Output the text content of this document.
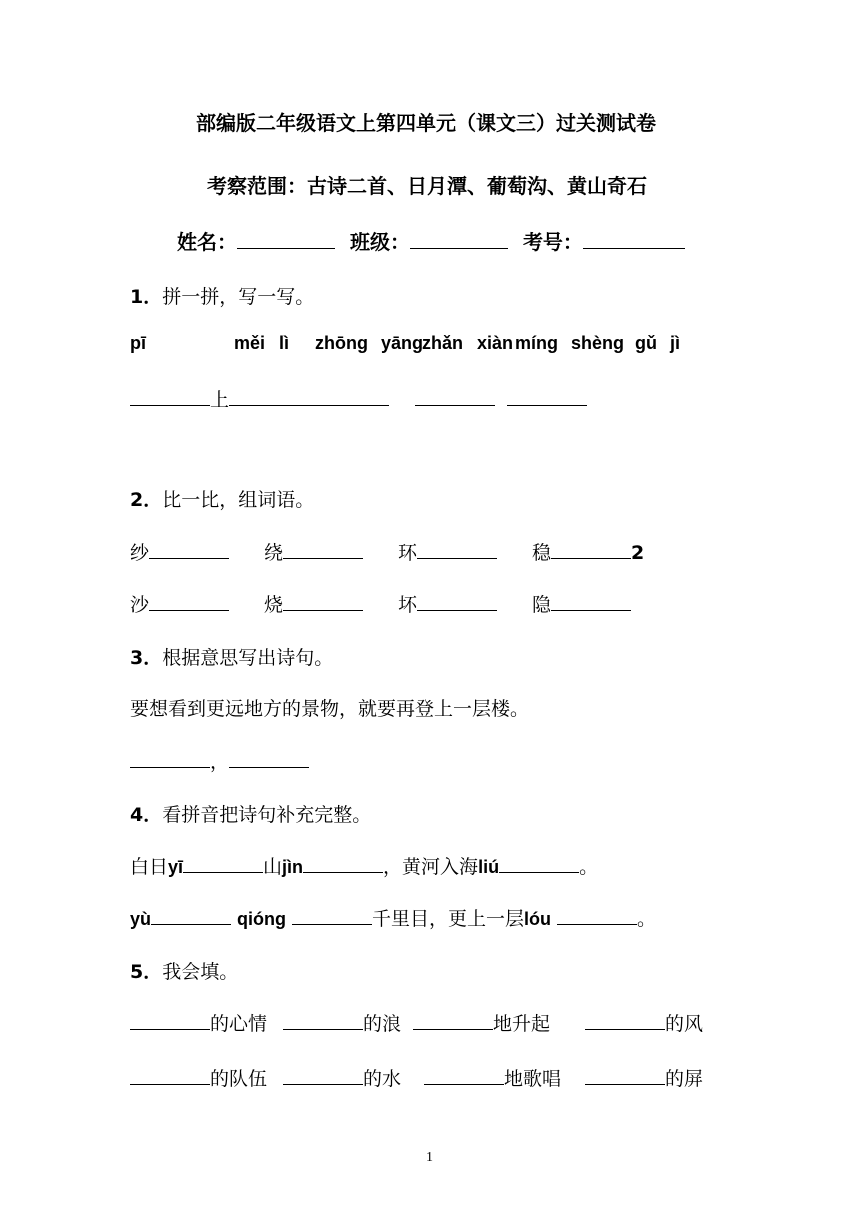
部编版二年级语文上第四单元（课文三）过关测试卷
考察范围：古诗二首、日月潭、葡萄沟、黄山奇石
姓名：	班级：	考号：
1．拼一拼，写一写。
pī	měi lì zhōng yāng
zhǎn xiàn míng shèng gǔ jì
上
2．比一比，组词语。
纱	绕	环	稳	2
沙	烧	坏	隐
3．根据意思写出诗句。
要想看到更远地方的景物，就要再登上一层楼。
，
4．看拼音把诗句补充完整。
白日yī	山jìn	，黄河入海liú	。
yù	qióng	千里目，更上一层lóu	。
5．我会填。
的心情	的浪	地升起	的风
的队伍	的水	地歌唱	的屏
1
